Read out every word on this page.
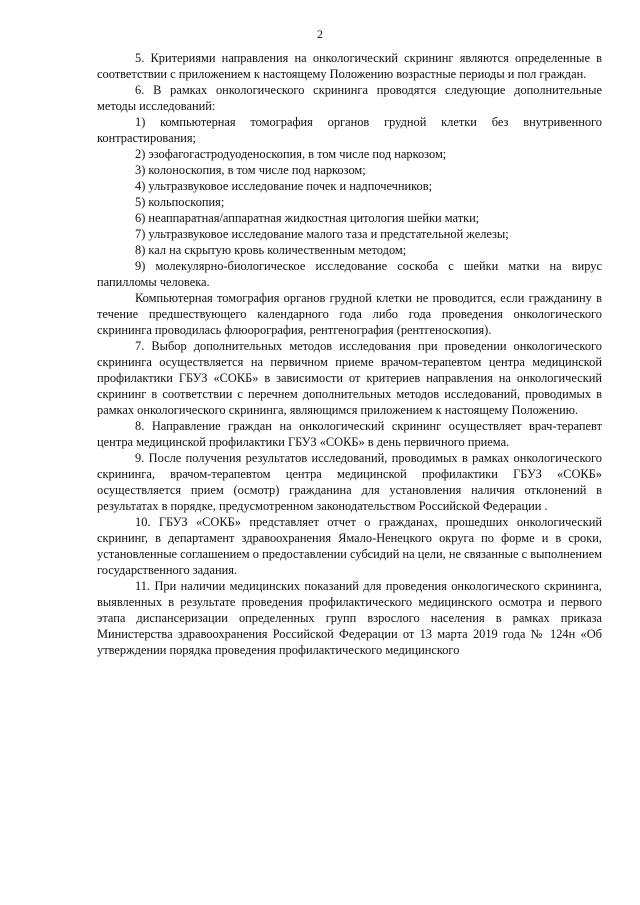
2

5. Критериями направления на онкологический скрининг являются определенные в соответствии с приложением к настоящему Положению возрастные периоды и пол граждан.

6. В рамках онкологического скрининга проводятся следующие дополнительные методы исследований:

1) компьютерная томография органов грудной клетки без внутривенного контрастирования;

2) эзофагогастродуоденоскопия, в том числе под наркозом;

3) колоноскопия, в том числе под наркозом;

4) ультразвуковое исследование почек и надпочечников;

5) кольпоскопия;

6) неаппаратная/аппаратная жидкостная цитология шейки матки;

7) ультразвуковое исследование малого таза и предстательной железы;

8) кал на скрытую кровь количественным методом;

9) молекулярно-биологическое исследование соскоба с шейки матки на вирус папилломы человека.

Компьютерная томография органов грудной клетки не проводится, если гражданину в течение предшествующего календарного года либо года проведения онкологического скрининга проводилась флюорография, рентгенография (рентгеноскопия).

7. Выбор дополнительных методов исследования при проведении онкологического скрининга осуществляется на первичном приеме врачом-терапевтом центра медицинской профилактики ГБУЗ «СОКБ» в зависимости от критериев направления на онкологический скрининг в соответствии с перечнем дополнительных методов исследований, проводимых в рамках онкологического скрининга, являющимся приложением к настоящему Положению.

8. Направление граждан на онкологический скрининг осуществляет врач-терапевт центра медицинской профилактики ГБУЗ «СОКБ» в день первичного приема.

9. После получения результатов исследований, проводимых в рамках онкологического скрининга, врачом-терапевтом центра медицинской профилактики ГБУЗ «СОКБ» осуществляется прием (осмотр) гражданина для установления наличия отклонений в результатах в порядке, предусмотренном законодательством Российской Федерации .

10. ГБУЗ «СОКБ» представляет отчет о гражданах, прошедших онкологический скрининг, в департамент здравоохранения Ямало-Ненецкого округа по форме и в сроки, установленные соглашением о предоставлении субсидий на цели, не связанные с выполнением государственного задания.

11. При наличии медицинских показаний для проведения онкологического скрининга, выявленных в результате проведения профилактического медицинского осмотра и первого этапа диспансеризации определенных групп взрослого населения в рамках приказа Министерства здравоохранения Российской Федерации от 13 марта 2019 года № 124н «Об утверждении порядка проведения профилактического медицинского
